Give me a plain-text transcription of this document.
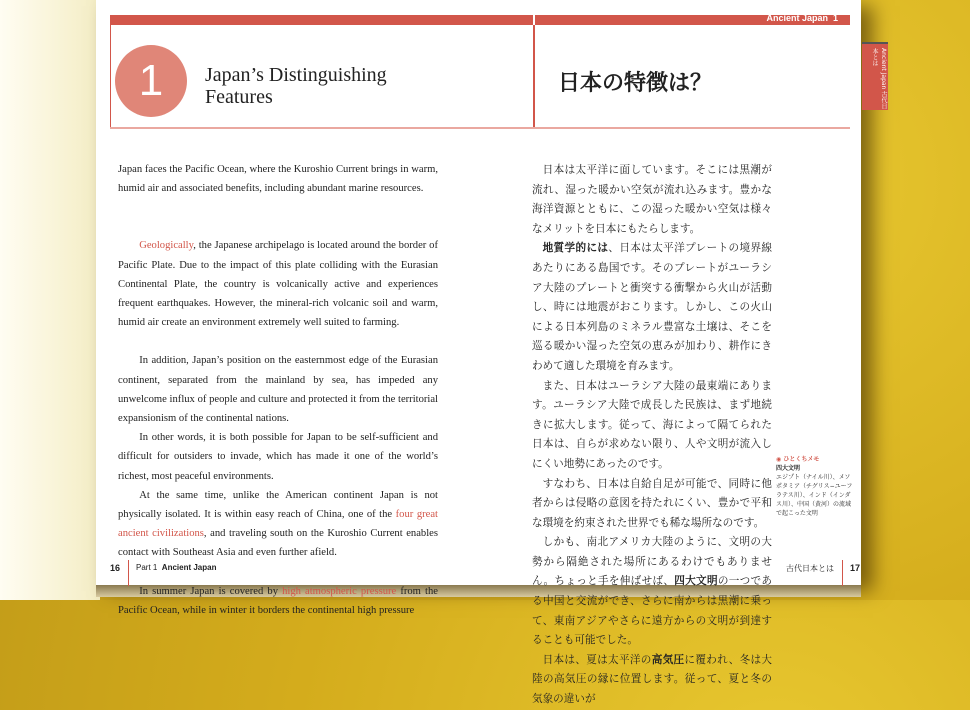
Ancient Japan 1
1	Japan’s Distinguishing Features
日本の特徴は？	Ancient Japan 古代日本とは

Japan faces the Pacific Ocean, where the Kuroshio Current brings in warm, humid air and associated benefits, including abundant marine resources.

Geologically, the Japanese archipelago is located around the border of Pacific Plate. Due to the impact of this plate colliding with the Eurasian Continental Plate, the country is volcanically active and experiences frequent earthquakes. However, the mineral-rich volcanic soil and warm, humid air create an environment extremely well suited to farming.

In addition, Japan’s position on the easternmost edge of the Eurasian continent, separated from the mainland by sea, has impeded any unwelcome influx of people and culture and protected it from the territorial expansionism of the continental nations.

In other words, it is both possible for Japan to be self-sufficient and difficult for outsiders to invade, which has made it one of the world’s richest, most peaceful environments.

At the same time, unlike the American continent Japan is not physically isolated. It is within easy reach of China, one of the four great ancient civilizations, and traveling south on the Kuroshio Current enables contact with Southeast Asia and even further afield.

In summer Japan is covered by high atmospheric pressure from the Pacific Ocean, while in winter it borders the continental high pressure

日本は太平洋に面しています。そこには黒潮が流れ、湿った暖かい空気が流れ込みます。豊かな海洋資源とともに、この湿った暖かい空気は様々なメリットを日本にもたらします。

地質学的には、日本は太平洋プレートの境界線あたりにある島国です。そのプレートがユーラシア大陸のプレートと衝突する衝撃から火山が活動し、時には地震がおこります。しかし、この火山による日本列島のミネラル豊富な土壌は、そこを巡る暖かい湿った空気の恵みが加わり、耕作にきわめて適した環境を育みます。

また、日本はユーラシア大陸の最東端にあります。ユーラシア大陸で成長した民族は、まず地続きに拡大します。従って、海によって隔てられた日本は、自らが求めない限り、人や文明が流入しにくい地勢にあったのです。

すなわち、日本は自給自足が可能で、同時に他者からは侵略の意図を持たれにくい、豊かで平和な環境を約束された世界でも稀な場所なのです。

しかも、南北アメリカ大陸のように、文明の大勢から隔絶された場所にあるわけでもありません。ちょっと手を伸ばせば、四大文明の一つである中国と交流ができ、さらに南からは黒潮に乗って、東南アジアやさらに遠方からの文明が到達することも可能でした。

日本は、夏は太平洋の高気圧に覆われ、冬は大陸の高気圧の縁に位置します。従って、夏と冬の気象の違いが

◉ ひとくちメモ
四大文明
エジプト（ナイル川）、メソポタミア（チグリス−ユーフラテス川）、インド（インダス川）、中国（黄河）の流域で起こった文明
16 Part 1 Ancient Japan	古代日本とは 17
